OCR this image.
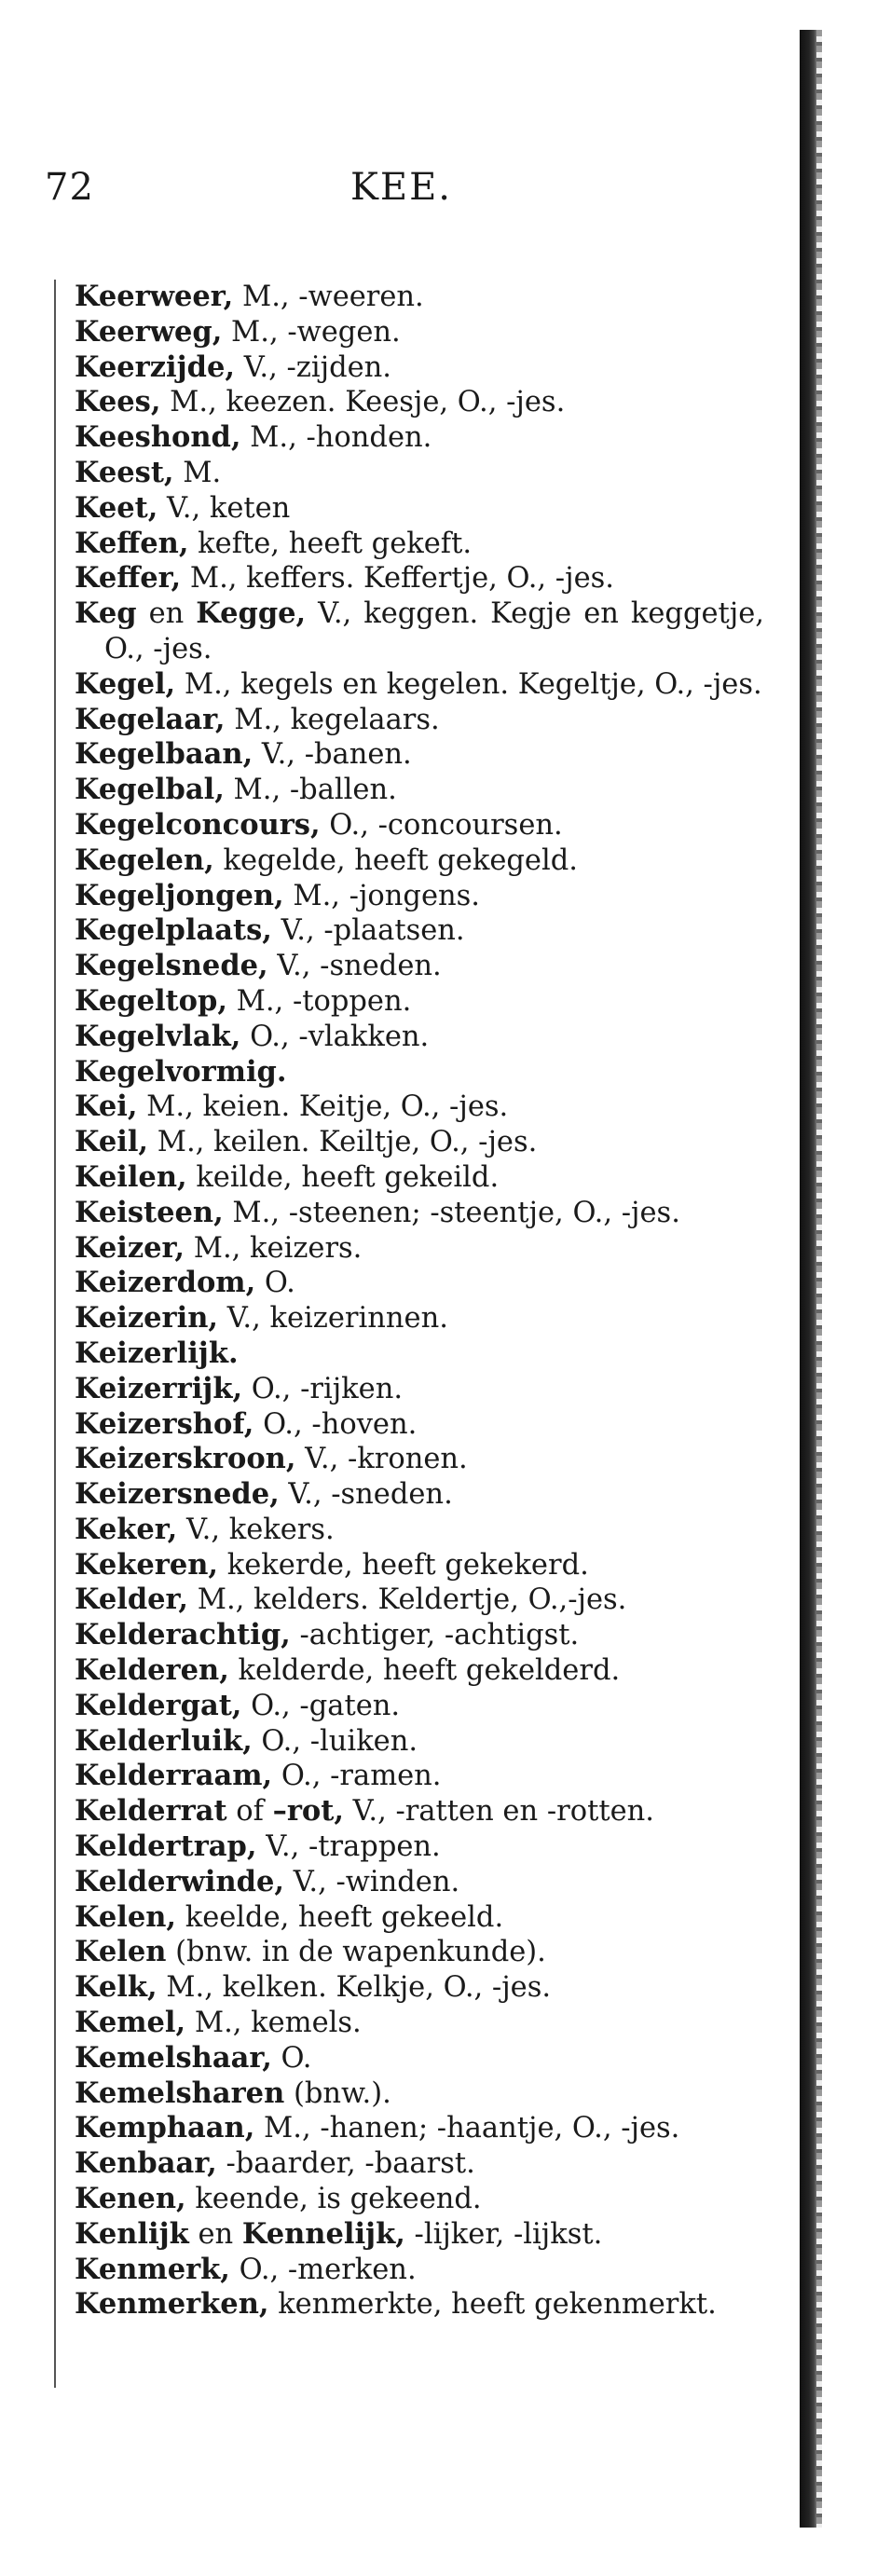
72	KEE.
Keerweer, M., -weeren.
Keerweg, M., -wegen.
Keerzijde, V., -zijden.
Kees, M., keezen. Keesje, O., -jes.
Keeshond, M., -honden.
Keest, M.
Keet, V., keten
Keffen, kefte, heeft gekeft.
Keffer, M., keffers. Keffertje, O., -jes.
Keg en Kegge, V., keggen. Kegje en keggetje, O., -jes.
Kegel, M., kegels en kegelen. Kegeltje, O., -jes.
Kegelaar, M., kegelaars.
Kegelbaan, V., -banen.
Kegelbal, M., -ballen.
Kegelconcours, O., -concoursen.
Kegelen, kegelde, heeft gekegeld.
Kegeljongen, M., -jongens.
Kegelplaats, V., -plaatsen.
Kegelsnede, V., -sneden.
Kegeltop, M., -toppen.
Kegelvlak, O., -vlakken.
Kegelvormig.
Kei, M., keien. Keitje, O., -jes.
Keil, M., keilen. Keiltje, O., -jes.
Keilen, keilde, heeft gekeild.
Keisteen, M., -steenen; -steentje, O., -jes.
Keizer, M., keizers.
Keizerdom, O.
Keizerin, V., keizerinnen.
Keizerlijk.
Keizerrijk, O., -rijken.
Keizershof, O., -hoven.
Keizerskroon, V., -kronen.
Keizersnede, V., -sneden.
Keker, V., kekers.
Kekeren, kekerde, heeft gekekerd.
Kelder, M., kelders. Keldertje, O.,-jes.
Kelderachtig, -achtiger, -achtigst.
Kelderen, kelderde, heeft gekelderd.
Keldergat, O., -gaten.
Kelderluik, O., -luiken.
Kelderraam, O., -ramen.
Kelderrat of –rot, V., -ratten en -rotten.
Keldertrap, V., -trappen.
Kelderwinde, V., -winden.
Kelen, keelde, heeft gekeeld.
Kelen (bnw. in de wapenkunde).
Kelk, M., kelken. Kelkje, O., -jes.
Kemel, M., kemels.
Kemelshaar, O.
Kemelsharen (bnw.).
Kemphaan, M., -hanen; -haantje, O., -jes.
Kenbaar, -baarder, -baarst.
Kenen, keende, is gekeend.
Kenlijk en Kennelijk, -lijker, -lijkst.
Kenmerk, O., -merken.
Kenmerken, kenmerkte, heeft gekenmerkt.
